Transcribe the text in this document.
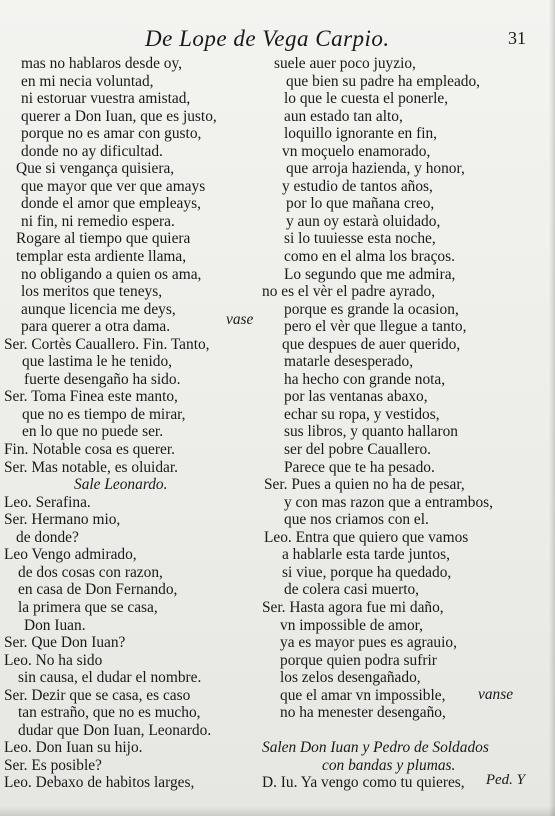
De Lope de Vega Carpio.	31
mas no hablaros desde oy,
en mi necia voluntad,
ni estoruar vuestra amistad,
querer a Don Iuan, que es justo,
porque no es amar con gusto,
donde no ay dificultad.
Que si vengança quisiera,
que mayor que ver que amays
donde el amor que empleays,
ni fin, ni remedio espera.
Rogare al tiempo que quiera
templar esta ardiente llama,
no obligando a quien os ama,
los meritos que teneys,
aunque licencia me deys,
para querer a otra dama.
Ser. Cortès Cauallero. Fin. Tanto,
que lastima le he tenido,
fuerte desengaño ha sido.
Ser. Toma Finea este manto,
que no es tiempo de mirar,
en lo que no puede ser.
Fin. Notable cosa es querer.
Ser. Mas notable, es oluidar.
Sale Leonardo.
Leo. Serafina.
Ser. Hermano mio,
de donde?
Leo Vengo admirado,
de dos cosas con razon,
en casa de Don Fernando,
la primera que se casa,
Don Iuan.
Ser. Que Don Iuan?
Leo. No ha sido
sin causa, el dudar el nombre.
Ser. Dezir que se casa, es caso
tan estraño, que no es mucho,
dudar que Don Iuan, Leonardo.
Leo. Don Iuan su hijo.
Ser. Es posible?
Leo. Debaxo de habitos larges,
vase
suele auer poco juyzio,
que bien su padre ha empleado,
lo que le cuesta el ponerle,
aun estado tan alto,
loquillo ignorante en fin,
vn moçuelo enamorado,
que arroja hazienda, y honor,
y estudio de tantos años,
por lo que mañana creo,
y aun oy estarà oluidado,
si lo tuuiesse esta noche,
como en el alma los braços.
Lo segundo que me admira,
no es el vèr el padre ayrado,
porque es grande la ocasion,
pero el vèr que llegue a tanto,
que despues de auer querido,
matarle desesperado,
ha hecho con grande nota,
por las ventanas abaxo,
echar su ropa, y vestidos,
sus libros, y quanto hallaron
ser del pobre Cauallero.
Parece que te ha pesado.
Ser. Pues a quien no ha de pesar,
y con mas razon que a entrambos,
que nos criamos con el.
Leo. Entra que quiero que vamos
a hablarle esta tarde juntos,
si viue, porque ha quedado,
de colera casi muerto,
Ser. Hasta agora fue mi daño,
vn impossible de amor,
ya es mayor pues es agrauio,
porque quien podra sufrir
los zelos desengañado,
que el amar vn impossible,
no ha menester desengaño,
Salen Don Iuan y Pedro de Soldados
con bandas y plumas.
D. Iu. Ya vengo como tu quieres,
vanse
Ped. Y
